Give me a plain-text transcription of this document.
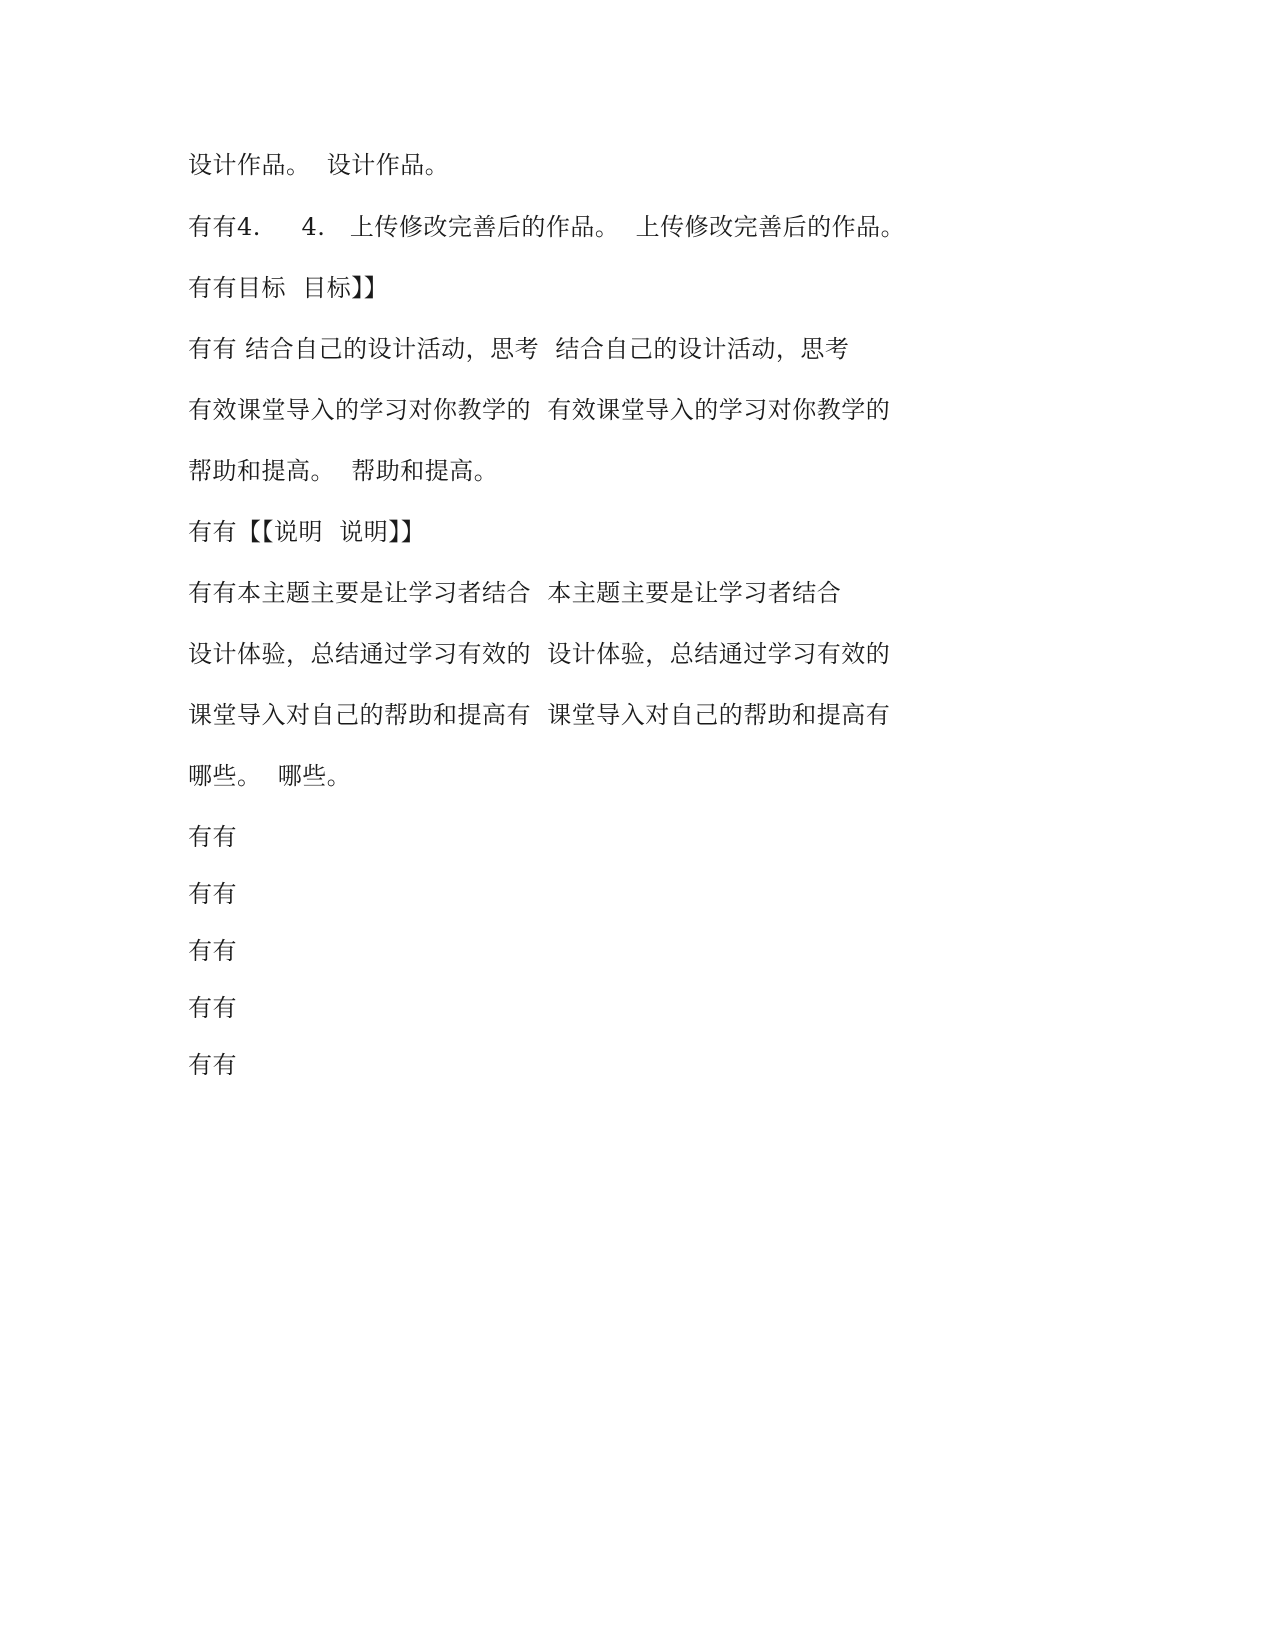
设计作品。  设计作品。
有有4.     4.   上传修改完善后的作品。  上传修改完善后的作品。
有有目标  目标】】
有有 结合自己的设计活动，思考  结合自己的设计活动，思考
有效课堂导入的学习对你教学的  有效课堂导入的学习对你教学的
帮助和提高。  帮助和提高。
有有【【说明  说明】】
有有本主题主要是让学习者结合  本主题主要是让学习者结合
设计体验，总结通过学习有效的  设计体验，总结通过学习有效的
课堂导入对自己的帮助和提高有  课堂导入对自己的帮助和提高有
哪些。  哪些。
有有
有有
有有
有有
有有
